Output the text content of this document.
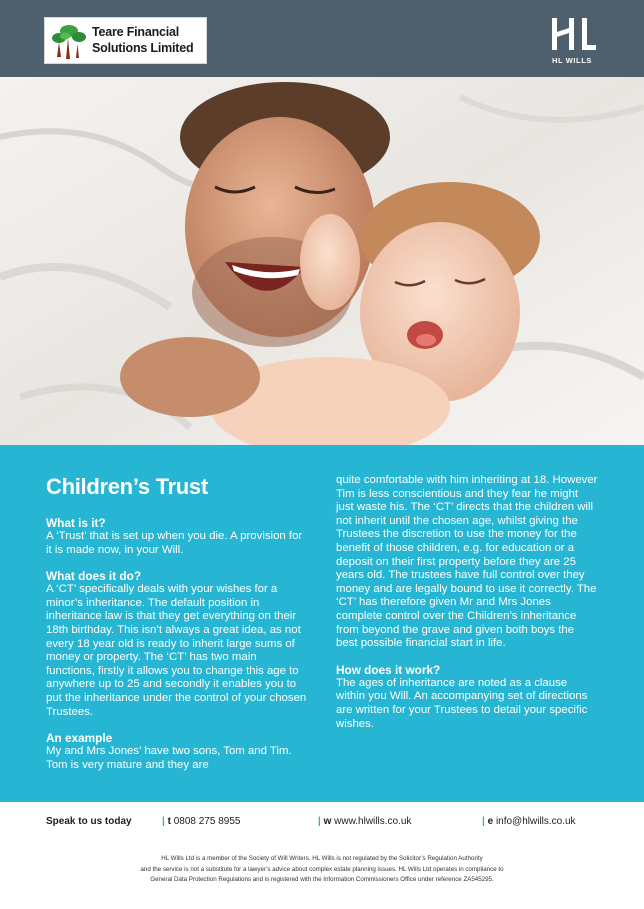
Teare Financial
Solutions Limited
HL WILLS
Children’s Trust

What is it?

A ‘Trust’ that is set up when you die. A provision for it is made now, in your Will.

What does it do?

A ‘CT’ specifically deals with your wishes for a minor’s inheritance. The default position in inheritance law is that they get everything on their 18th birthday. This isn’t always a great idea, as not every 18 year old is ready to inherit large sums of money or property. The ‘CT’ has two main functions, firstly it allows you to change this age to anywhere up to 25 and secondly it enables you to put the inheritance under the control of your chosen Trustees.

An example

My and Mrs Jones’ have two sons, Tom and Tim. Tom is very mature and they are

quite comfortable with him inheriting at 18. However Tim is less conscientious and they fear he might just waste his. The ‘CT’ directs that the children will not inherit until the chosen age, whilst giving the Trustees the discretion to use the money for the benefit of those children, e.g. for education or a deposit on their first property before they are 25 years old. The trustees have full control over they money and are legally bound to use it correctly. The ‘CT’ has therefore given Mr and Mrs Jones complete control over the Children’s inheritance from beyond the grave and given both boys the best possible financial start in life.

How does it work?

The ages of inheritance are noted as a clause within you Will. An accompanying set of directions are written for your Trustees to detail your specific wishes.

Speak to us today	| t 0808 275 8955	| w www.hlwills.co.uk	| e info@hlwills.co.uk
HL Wills Ltd is a member of the Society of Will Writers. HL Wills is not regulated by the Solicitor’s Regulation Authority
and the service is not a substitute for a lawyer’s advice about complex estate planning issues. HL Wills Ltd operates in compliance to
General Data Protection Regulations and is registered with the Information Commissioners Office under reference ZA545295.
